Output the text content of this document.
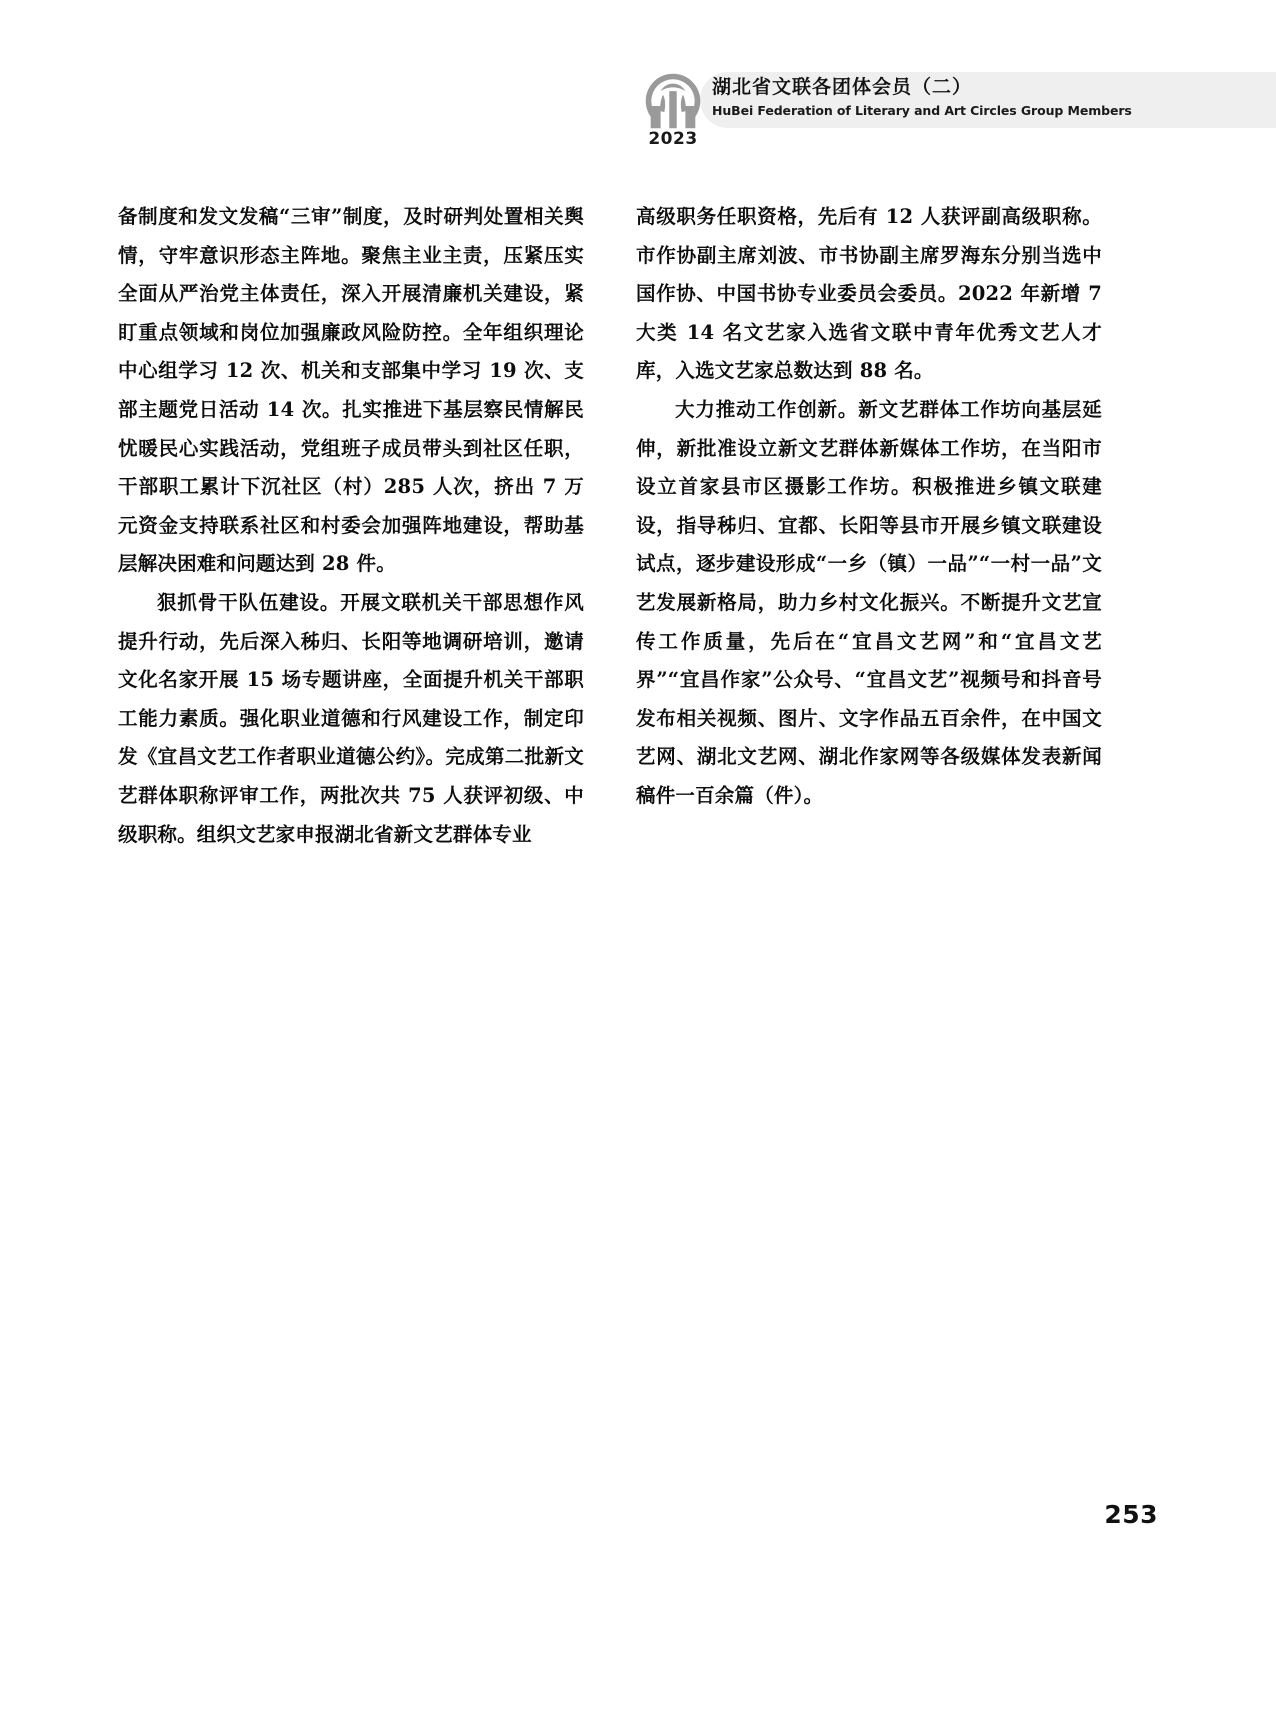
2023
湖北省文联各团体会员（二）
HuBei Federation of Literary and Art Circles Group Members

备制度和发文发稿“三审”制度，及时研判处置相关舆情，守牢意识形态主阵地。聚焦主业主责，压紧压实全面从严治党主体责任，深入开展清廉机关建设，紧盯重点领域和岗位加强廉政风险防控。全年组织理论中心组学习 12 次、机关和支部集中学习 19 次、支部主题党日活动 14 次。扎实推进下基层察民情解民忧暖民心实践活动，党组班子成员带头到社区任职，干部职工累计下沉社区（村）285 人次，挤出 7 万元资金支持联系社区和村委会加强阵地建设，帮助基层解决困难和问题达到 28 件。

狠抓骨干队伍建设。开展文联机关干部思想作风提升行动，先后深入秭归、长阳等地调研培训，邀请文化名家开展 15 场专题讲座，全面提升机关干部职工能力素质。强化职业道德和行风建设工作，制定印发《宜昌文艺工作者职业道德公约》。完成第二批新文艺群体职称评审工作，两批次共 75 人获评初级、中级职称。组织文艺家申报湖北省新文艺群体专业

高级职务任职资格，先后有 12 人获评副高级职称。市作协副主席刘波、市书协副主席罗海东分别当选中国作协、中国书协专业委员会委员。2022 年新增 7 大类 14 名文艺家入选省文联中青年优秀文艺人才库，入选文艺家总数达到 88 名。

大力推动工作创新。新文艺群体工作坊向基层延伸，新批准设立新文艺群体新媒体工作坊，在当阳市设立首家县市区摄影工作坊。积极推进乡镇文联建设，指导秭归、宜都、长阳等县市开展乡镇文联建设试点，逐步建设形成“一乡（镇）一品”“一村一品”文艺发展新格局，助力乡村文化振兴。不断提升文艺宣传工作质量，先后在“宜昌文艺网”和“宜昌文艺界”“宜昌作家”公众号、“宜昌文艺”视频号和抖音号发布相关视频、图片、文字作品五百余件，在中国文艺网、湖北文艺网、湖北作家网等各级媒体发表新闻稿件一百余篇（件）。

253
